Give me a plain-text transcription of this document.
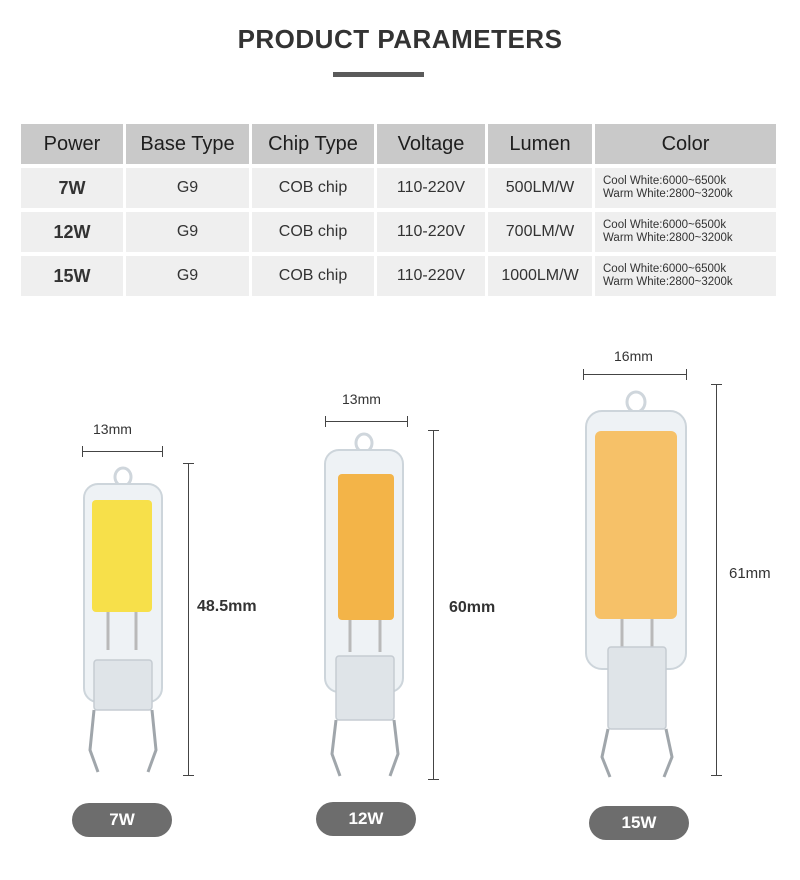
PRODUCT PARAMETERS
Power	Base Type	Chip Type	Voltage	Lumen	Color
7W	G9	COB chip	110-220V	500LM/W	Cool White:6000~6500k
Warm White:2800~3200k

12W	G9	COB chip	110-220V	700LM/W	Cool White:6000~6500k
Warm White:2800~3200k

15W	G9	COB chip	110-220V	1000LM/W	Cool White:6000~6500k
Warm White:2800~3200k
13mm
48.5mm
7W
13mm
60mm
12W
16mm
61mm
15W
